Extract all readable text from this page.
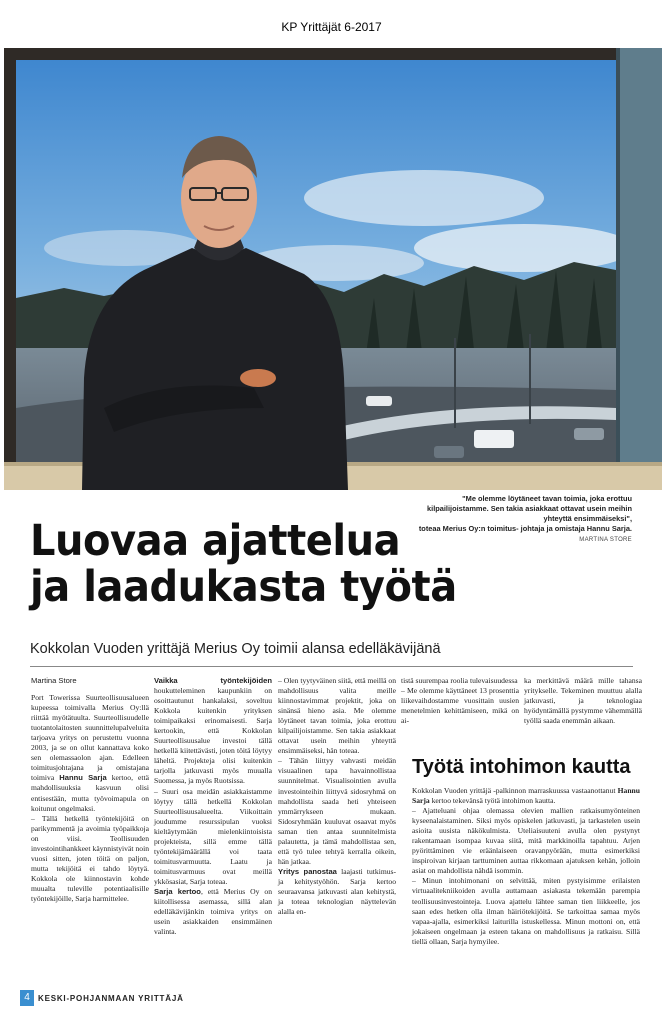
KP Yrittäjät 6-2017
"Me olemme löytäneet tavan toimia, joka erottuu kilpailijoistamme. Sen takia asiakkaat ottavat usein meihin yhteyttä ensimmäiseksi",
toteaa Merius Oy:n toimitus- johtaja ja omistaja Hannu Sarja.
MARTINA STORE
Luovaa ajattelua
ja laadukasta työtä
Kokkolan Vuoden yrittäjä Merius Oy toimii alansa edelläkävijänä
Martina Store

Port Towerissa Suurteollisuusalueen kupeessa toimivalla Merius Oy:llä riittää myötätuulta. Suurteollisuudelle tuotantolaitosten suunnittelupalveluita tarjoava yritys on perustettu vuonna 2003, ja se on ollut kannattava koko sen olemassaolon ajan. Edelleen toimitusjohtajana ja omistajana toimiva Hannu Sarja kertoo, että mahdollisuuksia kasvuun olisi entisestään, mutta työvoimapula on koitunut ongelmaksi.

– Tällä hetkellä työntekijöitä on parikymmentä ja avoimia työpaikkoja on viisi. Teollisuuden investointihankkeet käynnistyivät noin vuosi sitten, joten töitä on paljon, mutta tekijöitä ei tahdo löytyä. Kokkola ole kiinnostavin kohde muualta tuleville potentiaalisille työntekijöille, Sarja harmittelee.

Vaikka työntekijöiden houkutteleminen kaupunkiin on osoittautunut hankalaksi, soveltuu Kokkola kuitenkin yrityksen toimipaikaksi erinomaisesti. Sarja kertookin, että Kokkolan Suurteollisuusalue investoi tällä hetkellä kiitettävästi, joten töitä löytyy läheltä. Projekteja olisi kuitenkin tarjolla jatkuvasti myös muualla Suomessa, ja myös Ruotsissa.

– Suuri osa meidän asiakkaistamme löytyy tällä hetkellä Kokkolan Suurteollisuusalueelta. Viikoittain joudumme resurssipulan vuoksi kieltäytymään mielenkiintoisista projekteista, sillä emme tällä työntekijämäärällä voi taata toimitusvarmuutta. Laatu ja toimitusvarmuus ovat meillä ykkösasiat, Sarja toteaa.

Sarja kertoo, että Merius Oy on kiitollisessa asemassa, sillä alan edelläkävijänkin toimiva yritys on usein asiakkaiden ensimmäinen valinta.

– Olen tyytyväinen siitä, että meillä on mahdollisuus valita meille kiinnostavimmat projektit, joka on sinänsä hieno asia. Me olemme löytäneet tavan toimia, joka erottuu kilpailijoistamme. Sen takia asiakkaat ottavat usein meihin yhteyttä ensimmäiseksi, hän toteaa.

– Tähän liittyy vahvasti meidän visuaalinen tapa havainnollistaa suunnitelmat. Visualisointien avulla investointeihin liittyvä sidosryhmä on mahdollista saada heti yhteiseen ymmärrykseen mukaan. Sidosryhmään kuuluvat osaavat myös saman tien antaa suunnitelmista palautetta, ja tämä mahdollistaa sen, että työ tulee tehtyä kerralla oikein, hän jatkaa.

Yritys panostaa laajasti tutkimus- ja kehitystyöhön. Sarja kertoo seuraavansa jatkuvasti alan kehitystä, ja toteaa teknologian näyttelevän alalla en-

tistä suurempaa roolia tulevaisuudessa

– Me olemme käyttäneet 13 prosenttia liikevaihdostamme vuosittain uusien menetelmien kehittämiseen, mikä on ai-

ka merkittävä määrä mille tahansa yritykselle. Tekeminen muuttuu alalla jatkuvasti, ja teknologiaa hyödyntämällä pystymme vähemmällä työllä saada enemmän aikaan.

Työtä intohimon kautta

Kokkolan Vuoden yrittäjä -palkinnon marraskuussa vastaanottanut Hannu Sarja kertoo tekevänsä työtä intohimon kautta.

– Ajatteluani ohjaa olemassa olevien mallien ratkaisumyönteinen kyseenalaistaminen. Siksi myös opiskelen jatkuvasti, ja tarkastelen usein asioita uusista näkökulmista. Uteliaisuuteni avulla olen pystynyt rakentamaan isompaa kuvaa siitä, mitä markkinoilla tapahtuu. Arjen pyörittäminen vie eräänlaiseen oravanpyörään, mutta esimerkiksi inspiroivan kirjaan tarttuminen auttaa rikkomaan ajatuksen kehän, jolloin asiat on mahdollista nähdä isommin.

– Minun intohimonani on selvittää, miten pystyisimme erilaisten virtuaalitekniikoiden avulla auttamaan asiakasta tekemään parempia teollisuusinvestointeja. Luova ajattelu lähtee saman tien liikkeelle, jos saan edes hetken olla ilman häiriötekijöitä. Se tarkoittaa samaa myös vapaa-ajalla, esimerkiksi laiturilla istuskellessa. Minun mottoni on, että jokaiseen ongelmaan ja esteen takana on mahdollisuus ja ratkaisu. Sillä tiellä ollaan, Sarja hymyilee.

4	KESKI-POHJANMAAN YRITTÄJÄ
